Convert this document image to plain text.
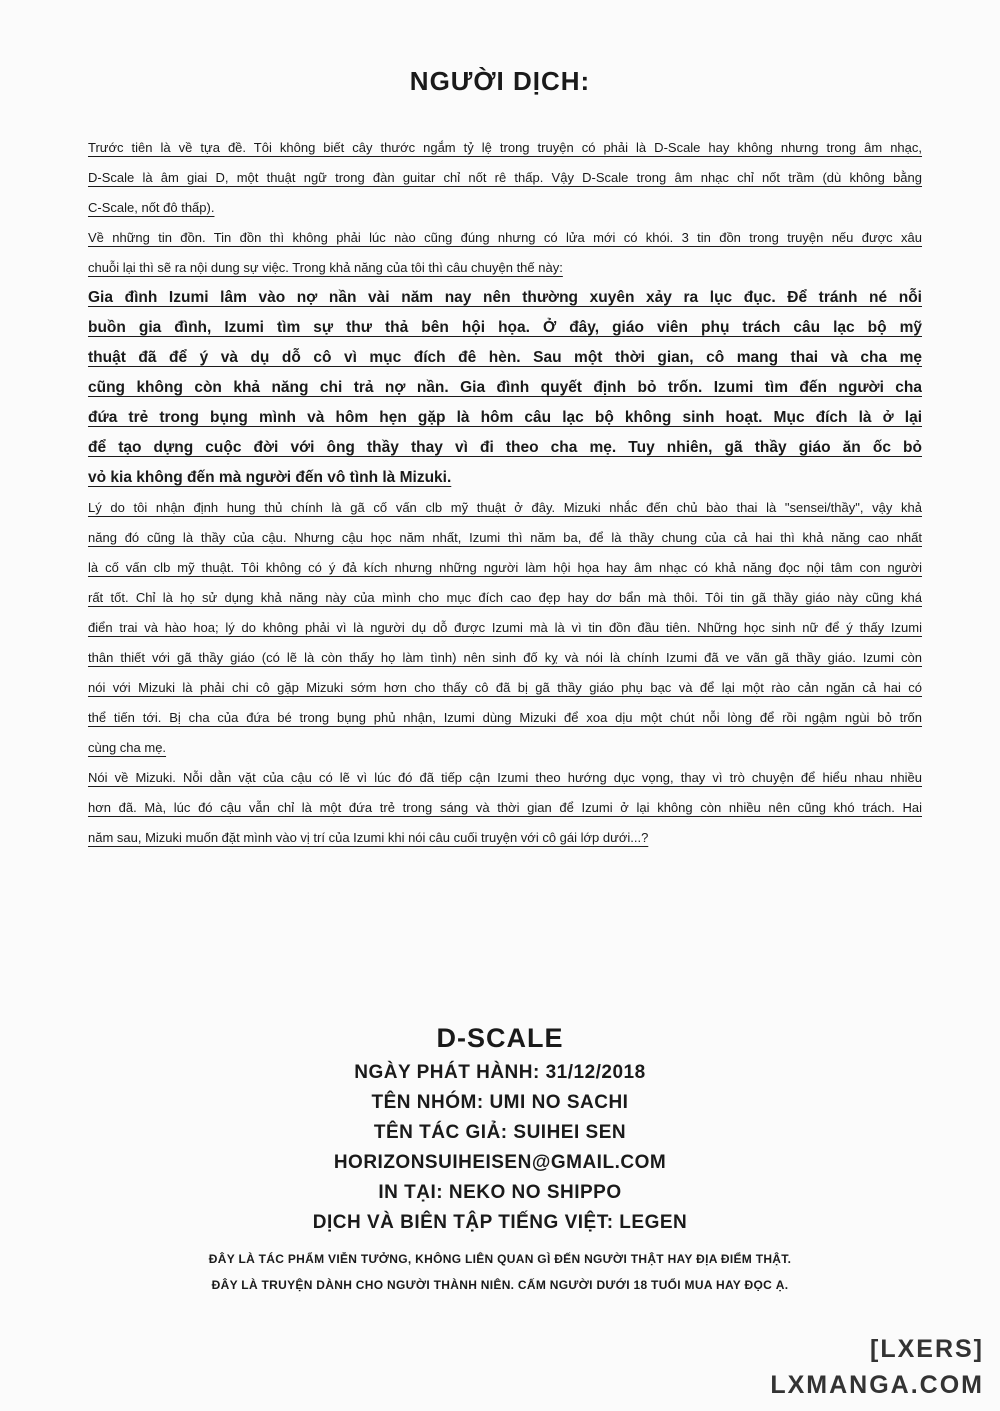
NGƯỜI DỊCH:
Trước tiên là về tựa đề. Tôi không biết cây thước ngắm tỷ lệ trong truyện có phải là D-Scale hay không nhưng trong âm nhạc,
D-Scale là âm giai D, một thuật ngữ trong đàn guitar chỉ nốt rê thấp. Vậy D-Scale trong âm nhạc chỉ nốt trầm (dù không bằng
C-Scale, nốt đô thấp).
Về những tin đồn. Tin đồn thì không phải lúc nào cũng đúng nhưng có lửa mới có khói. 3 tin đồn trong truyện nếu được xâu
chuỗi lại thì sẽ ra nội dung sự việc. Trong khả năng của tôi thì câu chuyện thế này:
Gia đình Izumi lâm vào nợ nần vài năm nay nên thường xuyên xảy ra lục đục. Để tránh né nỗi
buồn gia đình, Izumi tìm sự thư thả bên hội họa. Ở đây, giáo viên phụ trách câu lạc bộ mỹ
thuật đã để ý và dụ dỗ cô vì mục đích đê hèn. Sau một thời gian, cô mang thai và cha mẹ
cũng không còn khả năng chi trả nợ nần. Gia đình quyết định bỏ trốn. Izumi tìm đến người cha
đứa trẻ trong bụng mình và hôm hẹn gặp là hôm câu lạc bộ không sinh hoạt. Mục đích là ở lại
để tạo dựng cuộc đời với ông thầy thay vì đi theo cha mẹ. Tuy nhiên, gã thầy giáo ăn ốc bỏ
vỏ kia không đến mà người đến vô tình là Mizuki.
Lý do tôi nhận định hung thủ chính là gã cố vấn clb mỹ thuật ở đây. Mizuki nhắc đến chủ bào thai là "sensei/thầy", vậy khả
năng đó cũng là thầy của cậu. Nhưng cậu học năm nhất, Izumi thì năm ba, để là thầy chung của cả hai thì khả năng cao nhất
là cố vấn clb mỹ thuật. Tôi không có ý đả kích nhưng những người làm hội họa hay âm nhạc có khả năng đọc nội tâm con người
rất tốt. Chỉ là họ sử dụng khả năng này của mình cho mục đích cao đẹp hay dơ bẩn mà thôi. Tôi tin gã thầy giáo này cũng khá
điển trai và hào hoa; lý do không phải vì là người dụ dỗ được Izumi mà là vì tin đồn đầu tiên. Những học sinh nữ để ý thấy Izumi
thân thiết với gã thầy giáo (có lẽ là còn thấy họ làm tình) nên sinh đố kỵ và nói là chính Izumi đã ve vãn gã thầy giáo. Izumi còn
nói với Mizuki là phải chi cô gặp Mizuki sớm hơn cho thấy cô đã bị gã thầy giáo phụ bạc và để lại một rào cản ngăn cả hai có
thể tiến tới. Bị cha của đứa bé trong bụng phủ nhận, Izumi dùng Mizuki để xoa dịu một chút nỗi lòng để rồi ngậm ngùi bỏ trốn
cùng cha mẹ.
Nói về Mizuki. Nỗi dằn vặt của cậu có lẽ vì lúc đó đã tiếp cận Izumi theo hướng dục vọng, thay vì trò chuyện để hiểu nhau nhiều
hơn đã. Mà, lúc đó cậu vẫn chỉ là một đứa trẻ trong sáng và thời gian để Izumi ở lại không còn nhiều nên cũng khó trách. Hai
năm sau, Mizuki muốn đặt mình vào vị trí của Izumi khi nói câu cuối truyện với cô gái lớp dưới...?
D-SCALE
NGÀY PHÁT HÀNH: 31/12/2018
TÊN NHÓM: UMI NO SACHI
TÊN TÁC GIẢ: SUIHEI SEN
HORIZONSUIHEISEN@GMAIL.COM
IN TẠI: NEKO NO SHIPPO
DỊCH VÀ BIÊN TẬP TIẾNG VIỆT: LEGEN
ĐÂY LÀ TÁC PHẨM VIỄN TƯỞNG, KHÔNG LIÊN QUAN GÌ ĐẾN NGƯỜI THẬT HAY ĐỊA ĐIỂM THẬT.
ĐÂY LÀ TRUYỆN DÀNH CHO NGƯỜI THÀNH NIÊN. CẤM NGƯỜI DƯỚI 18 TUỔI MUA HAY ĐỌC Ạ.
[LXERS]
LXMANGA.COM
